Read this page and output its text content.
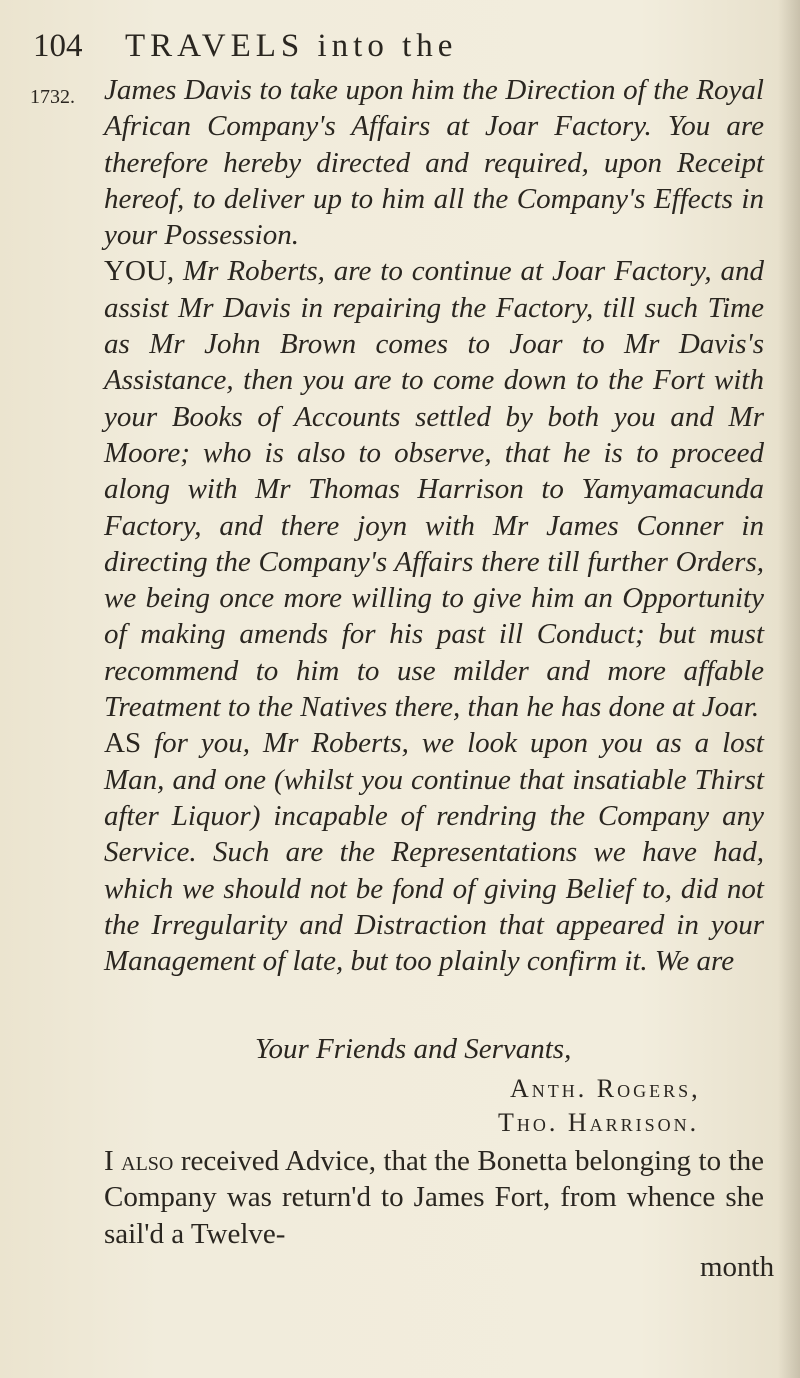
104 TRAVELS into the
1732. James Davis to take upon him the Direction of the Royal African Company's Affairs at Joar Factory. You are therefore hereby directed and required, upon Receipt hereof, to deliver up to him all the Company's Effects in your Possession.

YOU, Mr Roberts, are to continue at Joar Factory, and assist Mr Davis in repairing the Factory, till such Time as Mr John Brown comes to Joar to Mr Davis's Assistance, then you are to come down to the Fort with your Books of Accounts settled by both you and Mr Moore; who is also to observe, that he is to proceed along with Mr Thomas Harrison to Yamyamacunda Factory, and there joyn with Mr James Conner in directing the Company's Affairs there till further Orders, we being once more willing to give him an Opportunity of making amends for his past ill Conduct; but must recommend to him to use milder and more affable Treatment to the Natives there, than he has done at Joar.

AS for you, Mr Roberts, we look upon you as a lost Man, and one (whilst you continue that insatiable Thirst after Liquor) incapable of rendring the Company any Service. Such are the Representations we have had, which we should not be fond of giving Belief to, did not the Irregularity and Distraction that appeared in your Management of late, but too plainly confirm it. We are

Your Friends and Servants,
Anth. Rogers,
Tho. Harrison.

I also received Advice, that the Bonetta belonging to the Company was return'd to James Fort, from whence she sail'd a Twelve-

month
